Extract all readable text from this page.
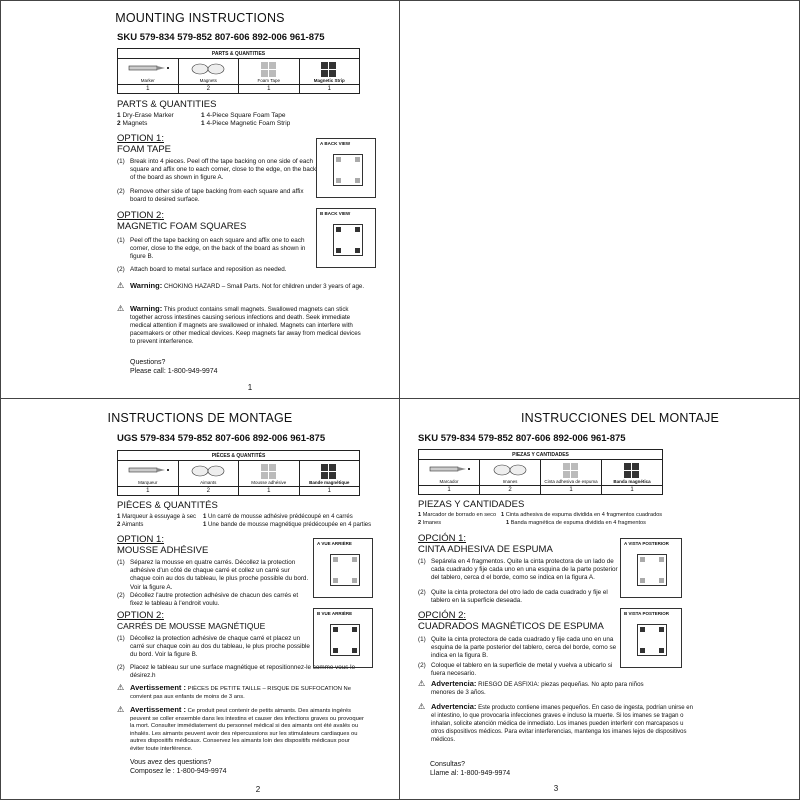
MOUNTING INSTRUCTIONS
SKU 579-834 579-852 807-606 892-006 961-875
PARTS & QUANTITIES
Marker	Magnets	Foam Tape	Magnetic Strip
1	2	1	1
PARTS & QUANTITIES
1 Dry-Erase Marker	1 4-Piece Square Foam Tape
2 Magnets	1 4-Piece Magnetic Foam Strip
OPTION 1:
FOAM TAPE
(1) Break into 4 pieces. Peel off the tape backing on one side of each square and affix one to each corner, close to the edge, on the back of the board as shown in figure A.
(2) Remove other side of tape backing from each square and affix board to desired surface.
A BACK VIEW
OPTION 2:
MAGNETIC FOAM SQUARES
(1) Peel off the tape backing on each square and affix one to each corner, close to the edge, on the back of the board as shown in figure B.
(2) Attach board to metal surface and reposition as needed.
B BACK VIEW
⚠ Warning: CHOKING HAZARD – Small Parts. Not for children under 3 years of age.
⚠ Warning: This product contains small magnets. Swallowed magnets can stick together across intestines causing serious infections and death. Seek immediate medical attention if magnets are swallowed or inhaled. Magnets can interfere with pacemakers or other medical devices. Keep magnets far away from medical devices to prevent interference.
Questions?
Please call: 1-800-949-9974
1
INSTRUCTIONS DE MONTAGE
UGS 579-834 579-852 807-606 892-006 961-875
PIÈCES & QUANTITÉS
Marqueur	Aimants	Mousse adhésive	Bande magnétique
1	2	1	1
PIÈCES & QUANTITÉS
1 Marqueur à essuyage à sec 1 Un carré de mousse adhésive prédécoupé en 4 carrés
2 Aimants	1 Une bande de mousse magnétique prédécoupée en 4 parties
OPTION 1:
MOUSSE ADHÉSIVE
(1) Séparez la mousse en quatre carrés. Décollez la protection adhésive d'un côté de chaque carré et collez un carré sur chaque coin au dos du tableau, le plus proche possible du bord. Voir la figure A.
(2) Décollez l'autre protection adhésive de chacun des carrés et fixez le tableau à l'endroit voulu.
A VUE ARRIÈRE
OPTION 2:
CARRÉS DE MOUSSE MAGNÉTIQUE
(1) Décollez la protection adhésive de chaque carré et placez un carré sur chaque coin au dos du tableau, le plus proche possible du bord. Voir la figure B.
(2) Placez le tableau sur une surface magnétique et repositionnez-le comme vous le désirez.h
B VUE ARRIÈRE
⚠ Avertissement : PIÈCES DE PETITE TAILLE – RISQUE DE SUFFOCATION Ne convient pas aux enfants de moins de 3 ans.
⚠ Avertissement : Ce produit peut contenir de petits aimants. Des aimants ingérés peuvent se coller ensemble dans les intestins et causer des infections graves ou provoquer la mort. Consulter immédiatement du personnel médical si des aimants ont été avalés ou inhalés. Les aimants peuvent avoir des répercussions sur les stimulateurs cardiaques ou autres dispositifs médicaux. Conservez les aimants loin des dispositifs médicaux pour éviter toute interférence.
Vous avez des questions?
Composez le : 1-800-949-9974
2
INSTRUCCIONES DEL MONTAJE
SKU 579-834 579-852 807-606 892-006 961-875
PIEZAS Y CANTIDADES
Marcador	Imanes	Cinta adhesiva de espuma	Banda magnética
1	2	1	1
PIEZAS Y CANTIDADES
1 Marcador de borrado en seco 1 Cinta adhesiva de espuma dividida en 4 fragmentos cuadrados
2 Imanes	1 Banda magnética de espuma dividida en 4 fragmentos
OPCIÓN 1:
CINTA ADHESIVA DE ESPUMA
(1) Sepárela en 4 fragmentos. Quite la cinta protectora de un lado de cada cuadrado y fije cada uno en una esquina de la parte posterior del tablero, cerca d el borde, como se indica en la figura A.
(2) Quite la cinta protectora del otro lado de cada cuadrado y fije el tablero en la superficie deseada.
A VISTA POSTERIOR
OPCIÓN 2:
CUADRADOS MAGNÉTICOS DE ESPUMA
(1) Quite la cinta protectora de cada cuadrado y fije cada uno en una esquina de la parte posterior del tablero, cerca del borde, como se indica en la figura B.
(2) Coloque el tablero en la superficie de metal y vuelva a ubicarlo si fuera necesario.
B VISTA POSTERIOR
⚠ Advertencia: RIESGO DE ASFIXIA: piezas pequeñas. No apto para niños menores de 3 años.
⚠ Advertencia: Este producto contiene imanes pequeños. En caso de ingesta, podrían unirse en el intestino, lo que provocaría infecciones graves e incluso la muerte. Si los imanes se tragan o inhalan, solicite atención médica de inmediato. Los imanes pueden interferir con marcapasos u otros dispositivos médicos. Para evitar interferencias, mantenga los imanes lejos de dispositivos médicos.
Consultas?
Llame al: 1-800-949-9974
3
